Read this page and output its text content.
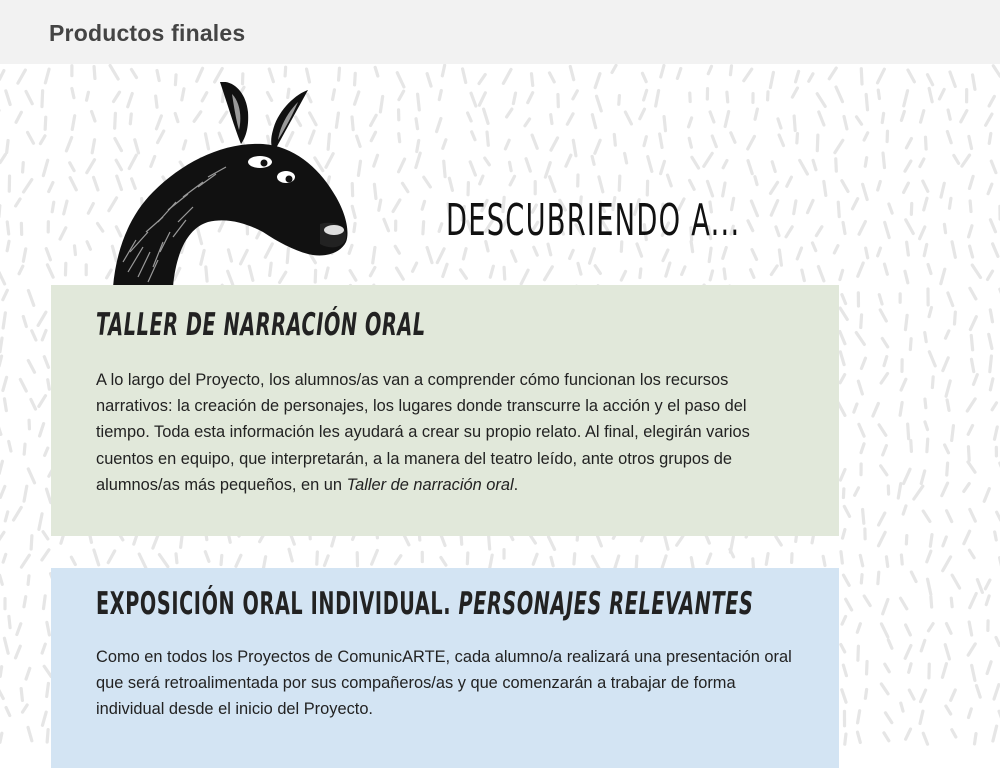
Productos finales
DESCUBRIENDO A...
TALLER DE NARRACIÓN ORAL

A lo largo del Proyecto, los alumnos/as van a comprender cómo funcionan los recursos narrativos: la creación de personajes, los lugares donde transcurre la acción y el paso del tiempo. Toda esta información les ayudará a crear su propio relato. Al final, elegirán varios cuentos en equipo, que interpretarán, a la manera del teatro leído, ante otros grupos de alumnos/as más pequeños, en un Taller de narración oral.

EXPOSICIÓN ORAL INDIVIDUAL. PERSONAJES RELEVANTES

Como en todos los Proyectos de ComunicARTE, cada alumno/a realizará una presentación oral que será retroalimentada por sus compañeros/as y que comenzarán a trabajar de forma individual desde el inicio del Proyecto.
